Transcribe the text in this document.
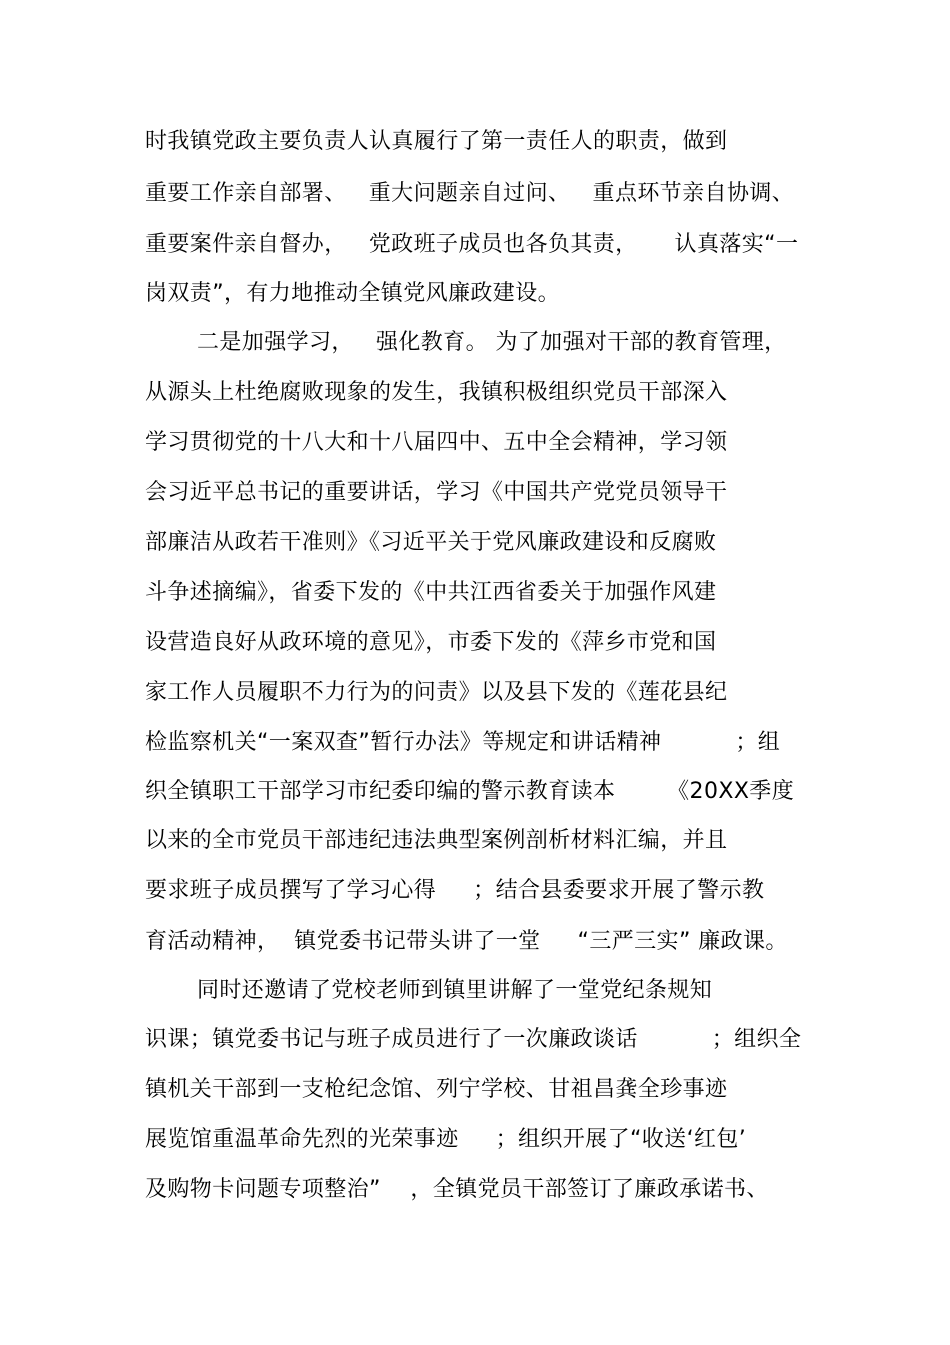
时我镇党政主要负责人认真履行了第一责任人的职责，做到
重要工作亲自部署、   重大问题亲自过问、   重点环节亲自协调、
重要案件亲自督办，   党政班子成员也各负其责，     认真落实“一
岗双责”，有力地推动全镇党风廉政建设。
二是加强学习，   强化教育。 为了加强对干部的教育管理，
从源头上杜绝腐败现象的发生，我镇积极组织党员干部深入
学习贯彻党的十八大和十八届四中、五中全会精神，学习领
会习近平总书记的重要讲话，学习《中国共产党党员领导干
部廉洁从政若干准则》《习近平关于党风廉政建设和反腐败
斗争述摘编》，省委下发的《中共江西省委关于加强作风建
设营造良好从政环境的意见》，市委下发的《萍乡市党和国
家工作人员履职不力行为的问责》以及县下发的《莲花县纪
检监察机关“一案双查”暂行办法》等规定和讲话精神          ；组
织全镇职工干部学习市纪委印编的警示教育读本       《20XX季度
以来的全市党员干部违纪违法典型案例剖析材料汇编，并且
要求班子成员撰写了学习心得     ；结合县委要求开展了警示教
育活动精神，  镇党委书记带头讲了一堂     “三严三实” 廉政课。
同时还邀请了党校老师到镇里讲解了一堂党纪条规知
识课；镇党委书记与班子成员进行了一次廉政谈话          ；组织全
镇机关干部到一支枪纪念馆、列宁学校、甘祖昌龚全珍事迹
展览馆重温革命先烈的光荣事迹     ；组织开展了“收送‘红包’
及购物卡问题专项整治”    ，全镇党员干部签订了廉政承诺书、
